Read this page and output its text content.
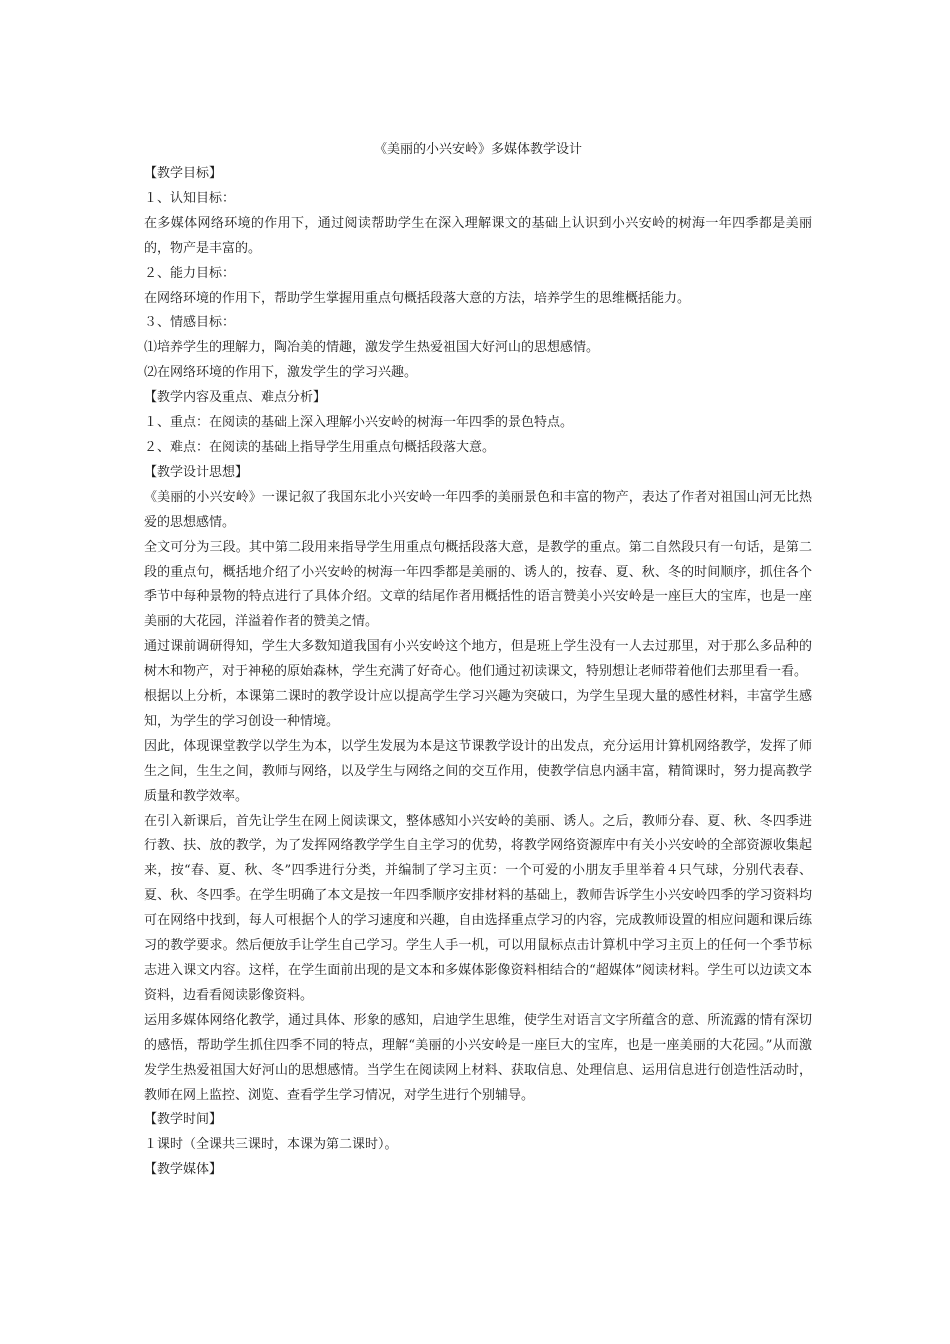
《美丽的小兴安岭》多媒体教学设计

【教学目标】

１、认知目标：

在多媒体网络环境的作用下，通过阅读帮助学生在深入理解课文的基础上认识到小兴安岭的树海一年四季都是美丽的，物产是丰富的。

２、能力目标：

在网络环境的作用下，帮助学生掌握用重点句概括段落大意的方法，培养学生的思维概括能力。

３、情感目标：

⑴培养学生的理解力，陶冶美的情趣，激发学生热爱祖国大好河山的思想感情。

⑵在网络环境的作用下，激发学生的学习兴趣。

【教学内容及重点、难点分析】

１、重点：在阅读的基础上深入理解小兴安岭的树海一年四季的景色特点。

２、难点：在阅读的基础上指导学生用重点句概括段落大意。

【教学设计思想】

《美丽的小兴安岭》一课记叙了我国东北小兴安岭一年四季的美丽景色和丰富的物产，表达了作者对祖国山河无比热爱的思想感情。

全文可分为三段。其中第二段用来指导学生用重点句概括段落大意，是教学的重点。第二自然段只有一句话，是第二段的重点句，概括地介绍了小兴安岭的树海一年四季都是美丽的、诱人的，按春、夏、秋、冬的时间顺序，抓住各个季节中每种景物的特点进行了具体介绍。文章的结尾作者用概括性的语言赞美小兴安岭是一座巨大的宝库，也是一座美丽的大花园，洋溢着作者的赞美之情。

通过课前调研得知，学生大多数知道我国有小兴安岭这个地方，但是班上学生没有一人去过那里，对于那么多品种的树木和物产，对于神秘的原始森林，学生充满了好奇心。他们通过初读课文，特别想让老师带着他们去那里看一看。

根据以上分析，本课第二课时的教学设计应以提高学生学习兴趣为突破口，为学生呈现大量的感性材料，丰富学生感知，为学生的学习创设一种情境。

因此，体现课堂教学以学生为本，以学生发展为本是这节课教学设计的出发点，充分运用计算机网络教学，发挥了师生之间，生生之间，教师与网络，以及学生与网络之间的交互作用，使教学信息内涵丰富，精简课时，努力提高教学质量和教学效率。

在引入新课后，首先让学生在网上阅读课文，整体感知小兴安岭的美丽、诱人。之后，教师分春、夏、秋、冬四季进行教、扶、放的教学，为了发挥网络教学学生自主学习的优势，将教学网络资源库中有关小兴安岭的全部资源收集起来，按“春、夏、秋、冬”四季进行分类，并编制了学习主页：一个可爱的小朋友手里举着４只气球，分别代表春、夏、秋、冬四季。在学生明确了本文是按一年四季顺序安排材料的基础上，教师告诉学生小兴安岭四季的学习资料均可在网络中找到，每人可根据个人的学习速度和兴趣，自由选择重点学习的内容，完成教师设置的相应问题和课后练习的教学要求。然后便放手让学生自己学习。学生人手一机，可以用鼠标点击计算机中学习主页上的任何一个季节标志进入课文内容。这样，在学生面前出现的是文本和多媒体影像资料相结合的“超媒体”阅读材料。学生可以边读文本资料，边看看阅读影像资料。

运用多媒体网络化教学，通过具体、形象的感知，启迪学生思维，使学生对语言文字所蕴含的意、所流露的情有深切的感悟，帮助学生抓住四季不同的特点，理解“美丽的小兴安岭是一座巨大的宝库，也是一座美丽的大花园。”从而激发学生热爱祖国大好河山的思想感情。当学生在阅读网上材料、获取信息、处理信息、运用信息进行创造性活动时，教师在网上监控、浏览、查看学生学习情况，对学生进行个别辅导。

【教学时间】

１课时（全课共三课时，本课为第二课时）。

【教学媒体】
